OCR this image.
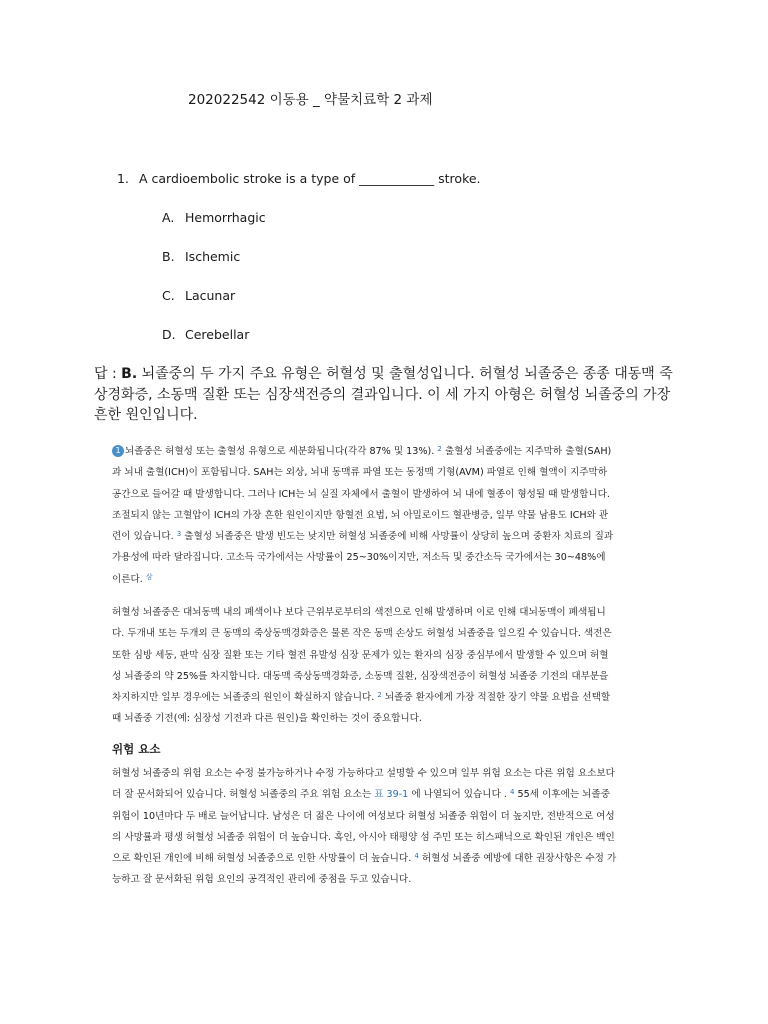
202022542 이동용 _ 약물치료학 2 과제
1. A cardioembolic stroke is a type of ____________ stroke.
A. Hemorrhagic
B. Ischemic
C. Lacunar
D. Cerebellar
답 : B. 뇌졸중의 두 가지 주요 유형은 허혈성 및 출혈성입니다. 허혈성 뇌졸중은 종종 대동맥 죽상경화증, 소동맥 질환 또는 심장색전증의 결과입니다. 이 세 가지 아형은 허혈성 뇌졸중의 가장 흔한 원인입니다.
1 뇌졸중은 허혈성 또는 출혈성 유형으로 세분화됩니다(각각 87% 및 13%). $^2$ 출혈성 뇌졸중에는 지주막하 출혈(SAH)과 뇌내 출혈(ICH)이 포함됩니다. SAH는 외상, 뇌내 동맥류 파열 또는 동정맥 기형(AVM) 파열로 인해 혈액이 지주막하 공간으로 들어갈 때 발생합니다. 그러나 ICH는 뇌 실질 자체에서 출혈이 발생하여 뇌 내에 혈종이 형성될 때 발생합니다. 조절되지 않는 고혈압이 ICH의 가장 흔한 원인이지만 항혈전 요법, 뇌 아밀로이드 혈관병증, 일부 약물 남용도 ICH와 관련이 있습니다. $^3$ 출혈성 뇌졸중은 발생 빈도는 낮지만 허혈성 뇌졸중에 비해 사망률이 상당히 높으며 중환자 치료의 질과 가용성에 따라 달라집니다. 고소득 국가에서는 사망률이 25~30%이지만, 저소득 및 중간소득 국가에서는 30~48%에 이른다. $^삼$
허혈성 뇌졸중은 대뇌동맥 내의 폐색이나 보다 근위부로부터의 색전으로 인해 발생하며 이로 인해 대뇌동맥이 폐색됩니다. 두개내 또는 두개외 큰 동맥의 죽상동맥경화증은 물론 작은 동맥 손상도 허혈성 뇌졸중을 일으킬 수 있습니다. 색전은 또한 심방 세동, 판막 심장 질환 또는 기타 혈전 유발성 심장 문제가 있는 환자의 심장 중심부에서 발생할 수 있으며 허혈성 뇌졸중의 약 25%를 차지합니다. 대동맥 죽상동맥경화증, 소동맥 질환, 심장색전증이 허혈성 뇌졸중 기전의 대부분을 차지하지만 일부 경우에는 뇌졸중의 원인이 확실하지 않습니다. $^2$ 뇌졸중 환자에게 가장 적절한 장기 약물 요법을 선택할 때 뇌졸중 기전(예: 심장성 기전과 다른 원인)을 확인하는 것이 중요합니다.
위험 요소
허혈성 뇌졸중의 위험 요소는 수정 불가능하거나 수정 가능하다고 설명할 수 있으며 일부 위험 요소는 다른 위험 요소보다 더 잘 문서화되어 있습니다. 허혈성 뇌졸중의 주요 위험 요소는 표 39-1 에 나열되어 있습니다 . $^4$ 55세 이후에는 뇌졸중 위험이 10년마다 두 배로 늘어납니다. 남성은 더 젊은 나이에 여성보다 허혈성 뇌졸중 위험이 더 높지만, 전반적으로 여성의 사망률과 평생 허혈성 뇌졸중 위험이 더 높습니다. 흑인, 아시아 태평양 섬 주민 또는 히스패닉으로 확인된 개인은 백인으로 확인된 개인에 비해 허혈성 뇌졸중으로 인한 사망률이 더 높습니다. $^4$ 허혈성 뇌졸중 예방에 대한 권장사항은 수정 가능하고 잘 문서화된 위험 요인의 공격적인 관리에 중점을 두고 있습니다.
